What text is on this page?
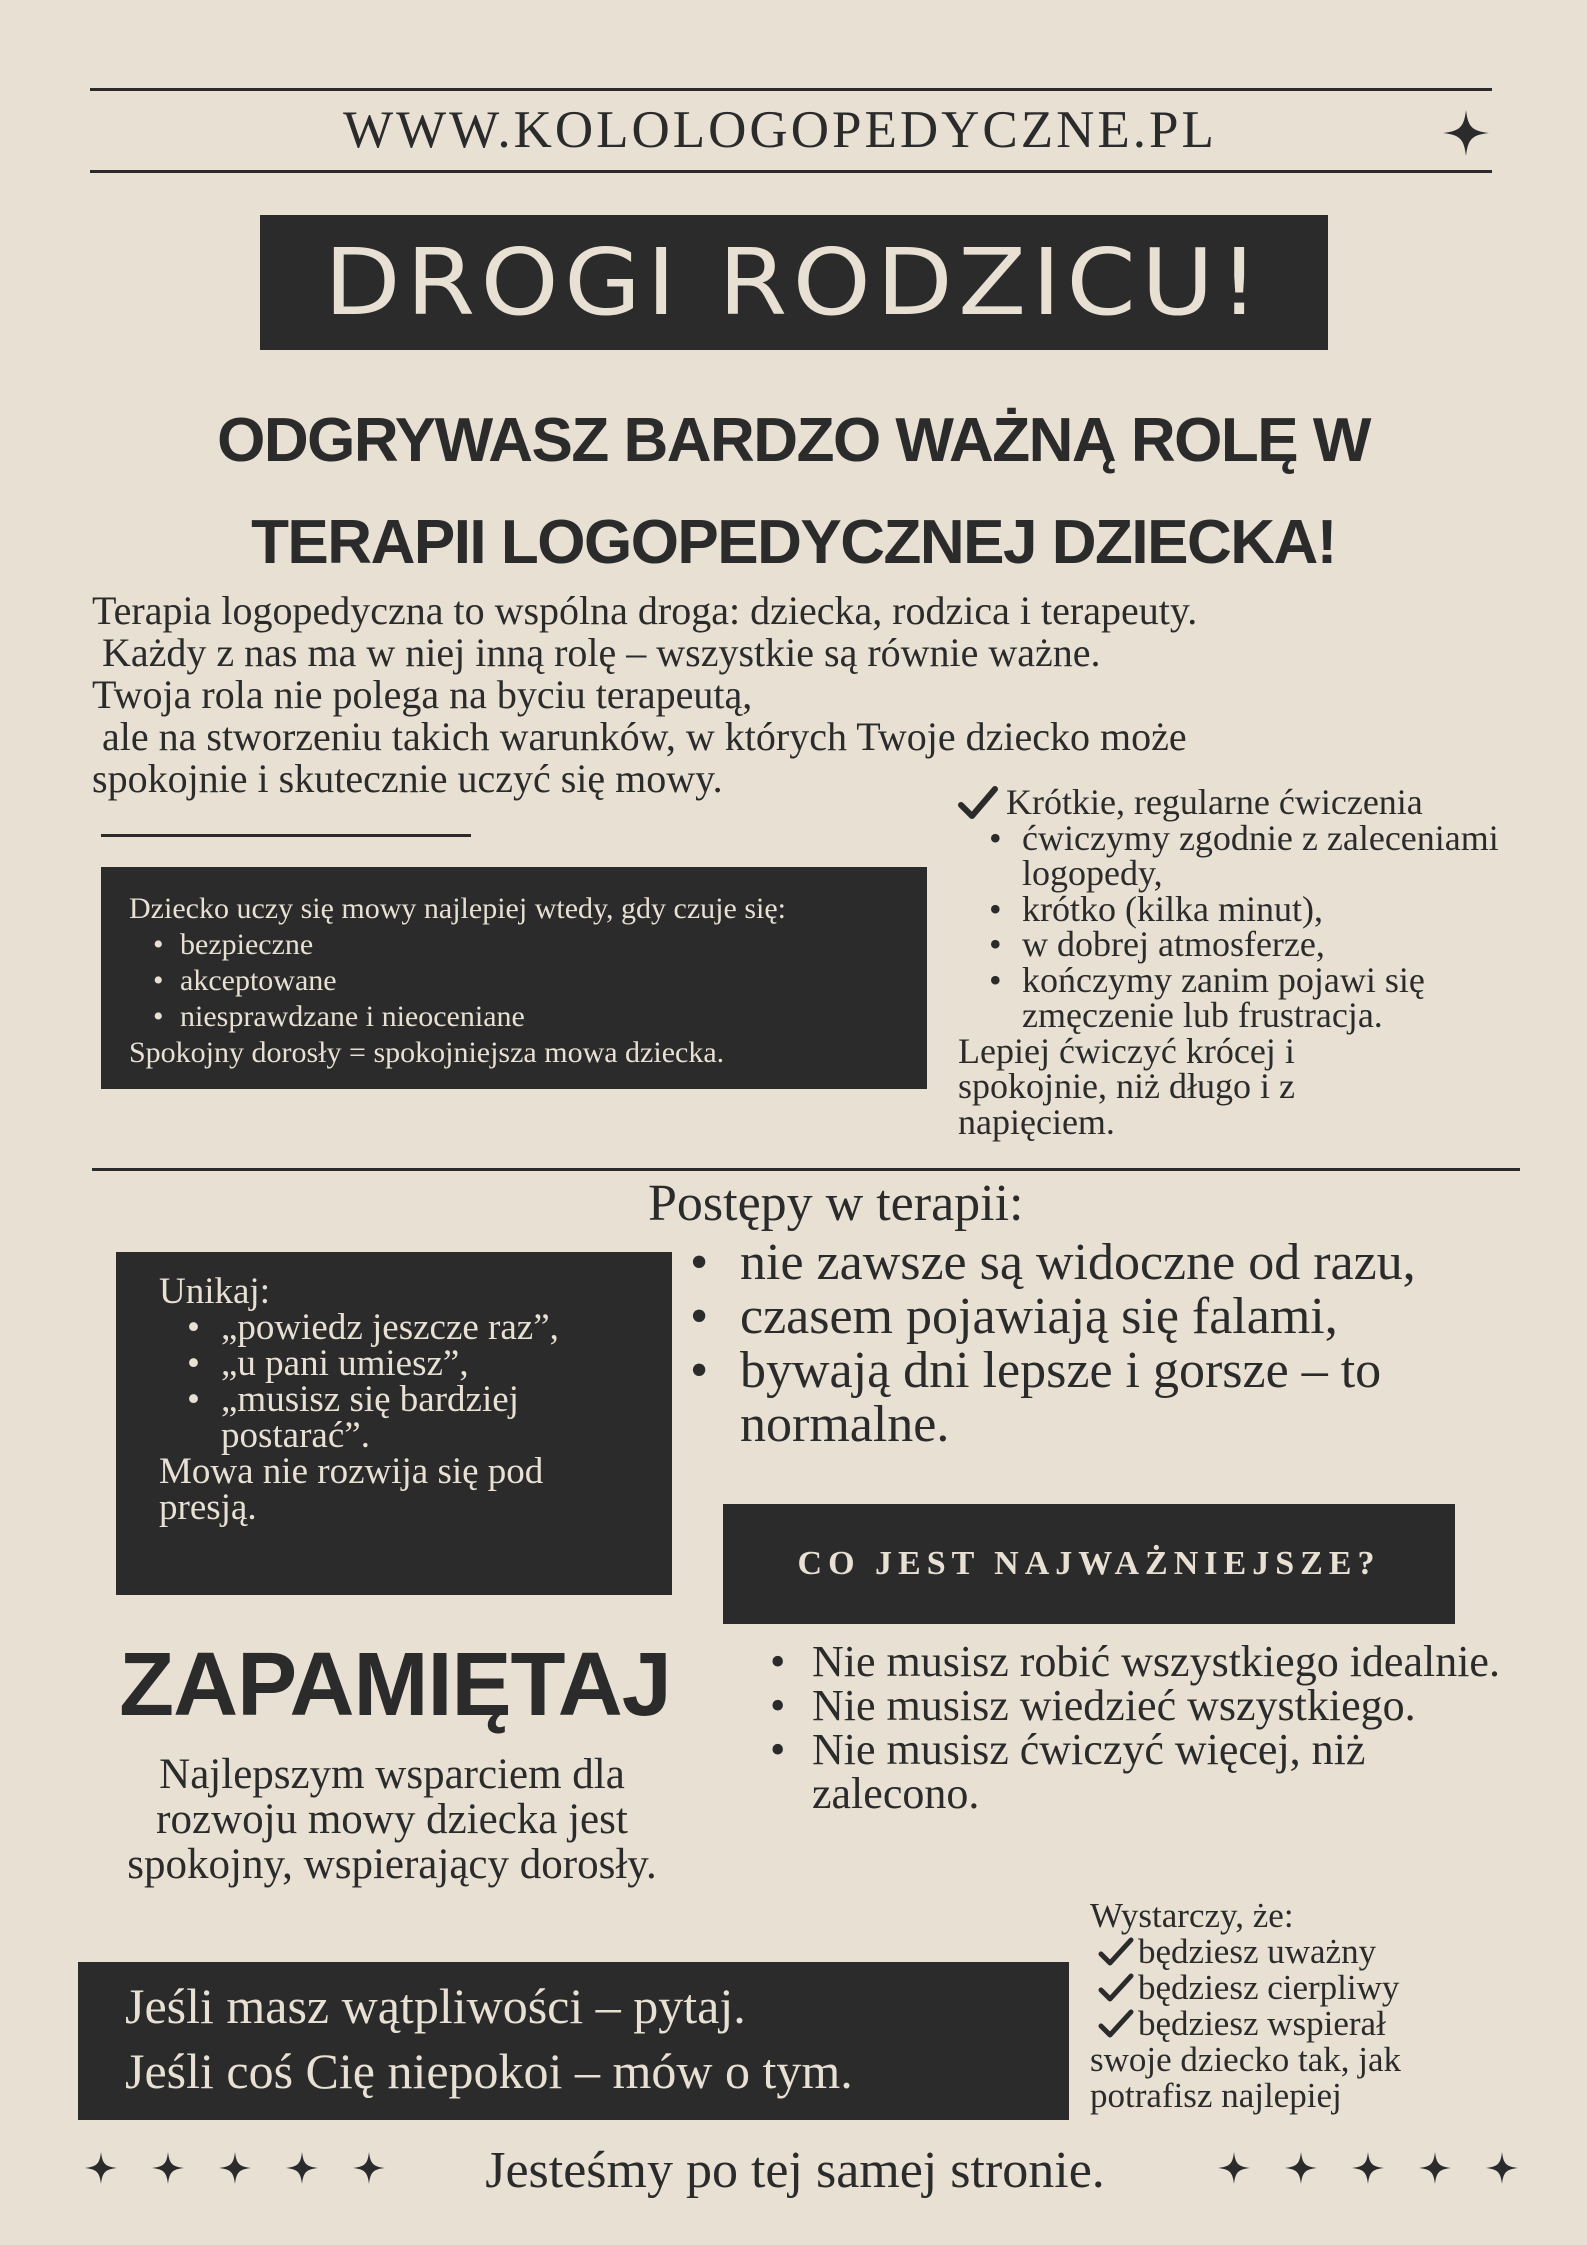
WWW.KOLOLOGOPEDYCZNE.PL
DROGI RODZICU!
ODGRYWASZ BARDZO WAŻNĄ ROLĘ W
TERAPII LOGOPEDYCZNEJ DZIECKA!
Terapia logopedyczna to wspólna droga: dziecka, rodzica i terapeuty.
Każdy z nas ma w niej inną rolę – wszystkie są równie ważne.
Twoja rola nie polega na byciu terapeutą,
ale na stworzeniu takich warunków, w których Twoje dziecko może
spokojnie i skutecznie uczyć się mowy.
Dziecko uczy się mowy najlepiej wtedy, gdy czuje się:
• bezpieczne
• akceptowane
• niesprawdzane i nieoceniane
Spokojny dorosły = spokojniejsza mowa dziecka.
Krótkie, regularne ćwiczenia
• ćwiczymy zgodnie z zaleceniami logopedy,
• krótko (kilka minut),
• w dobrej atmosferze,
• kończymy zanim pojawi się zmęczenie lub frustracja.
Lepiej ćwiczyć krócej i spokojnie, niż długo i z napięciem.
Postępy w terapii:
• nie zawsze są widoczne od razu,
• czasem pojawiają się falami,
• bywają dni lepsze i gorsze – to normalne.
Unikaj:
• „powiedz jeszcze raz”,
• „u pani umiesz”,
• „musisz się bardziej postarać”.
Mowa nie rozwija się pod presją.
CO JEST NAJWAŻNIEJSZE?
• Nie musisz robić wszystkiego idealnie.
• Nie musisz wiedzieć wszystkiego.
• Nie musisz ćwiczyć więcej, niż zalecono.
ZAPAMIĘTAJ
Najlepszym wsparciem dla rozwoju mowy dziecka jest spokojny, wspierający dorosły.
Wystarczy, że:
będziesz uważny
będziesz cierpliwy
będziesz wspierał
swoje dziecko tak, jak potrafisz najlepiej
Jeśli masz wątpliwości – pytaj.
Jeśli coś Cię niepokoi – mów o tym.
Jesteśmy po tej samej stronie.
